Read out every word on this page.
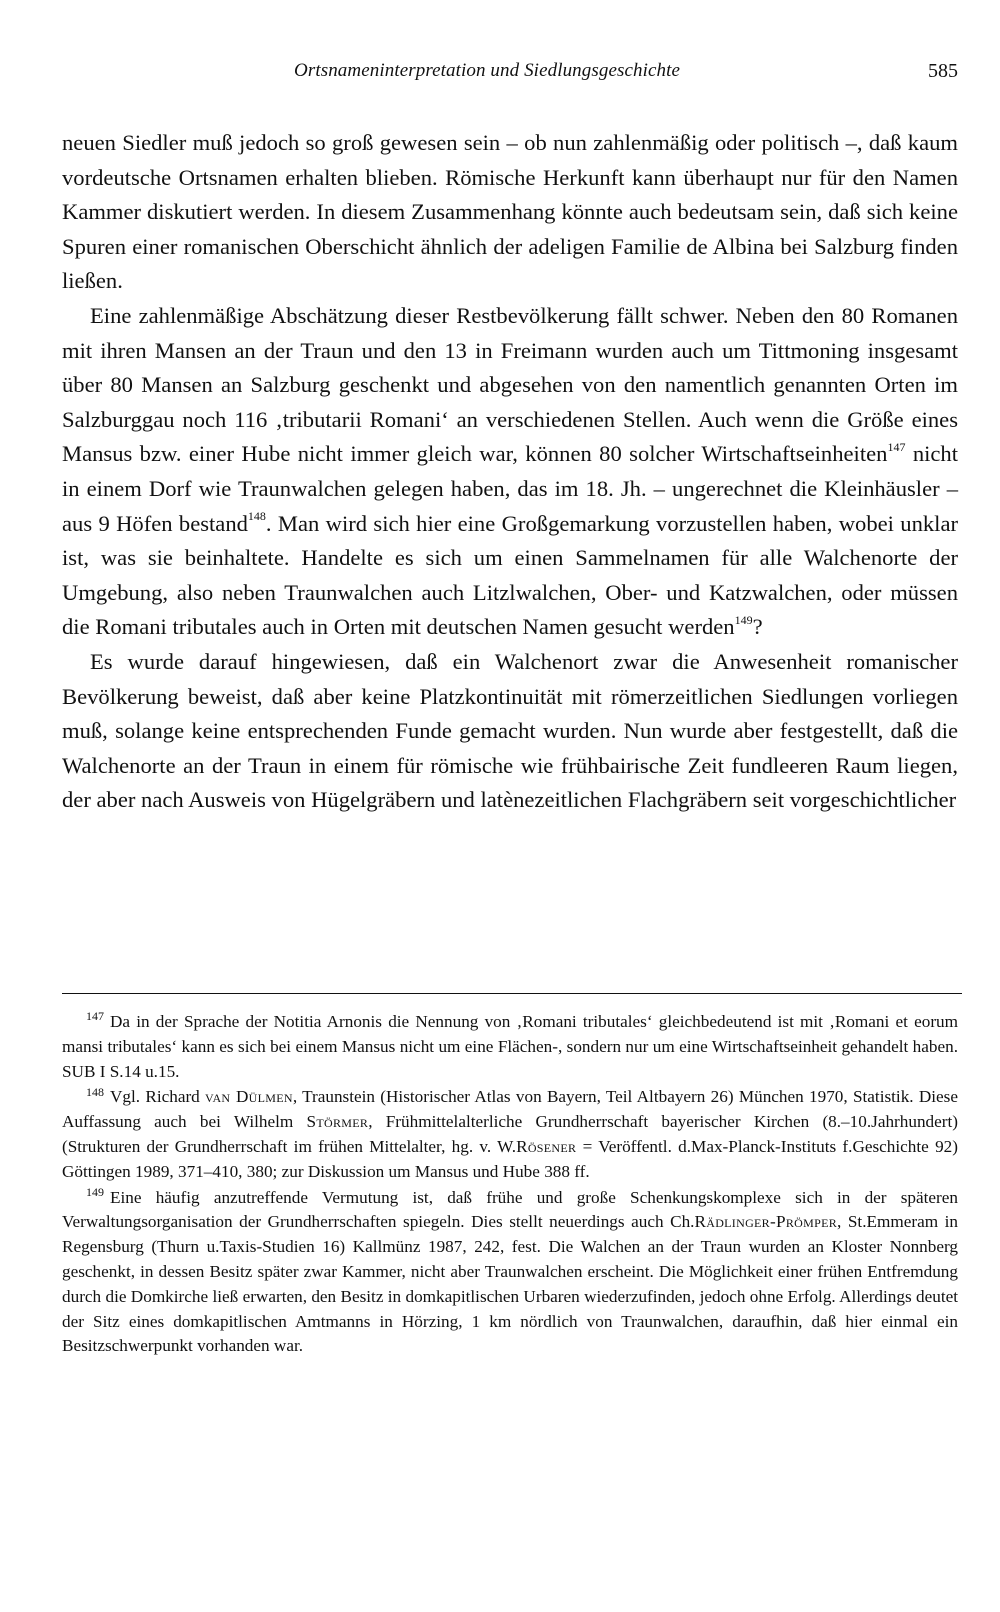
Ortsnameninterpretation und Siedlungsgeschichte	585

neuen Siedler muß jedoch so groß gewesen sein – ob nun zahlenmäßig oder politisch –, daß kaum vordeutsche Ortsnamen erhalten blieben. Römische Herkunft kann überhaupt nur für den Namen Kammer diskutiert werden. In diesem Zusammenhang könnte auch bedeutsam sein, daß sich keine Spuren einer romanischen Oberschicht ähnlich der adeligen Familie de Albina bei Salzburg finden ließen.

Eine zahlenmäßige Abschätzung dieser Restbevölkerung fällt schwer. Neben den 80 Romanen mit ihren Mansen an der Traun und den 13 in Freimann wurden auch um Tittmoning insgesamt über 80 Mansen an Salzburg geschenkt und abgesehen von den namentlich genannten Orten im Salzburggau noch 116 ‚tributarii Romani‘ an verschiedenen Stellen. Auch wenn die Größe eines Mansus bzw. einer Hube nicht immer gleich war, können 80 solcher Wirtschaftseinheiten$^{147}$ nicht in einem Dorf wie Traunwalchen gelegen haben, das im 18. Jh. – ungerechnet die Kleinhäusler – aus 9 Höfen bestand$^{148}$. Man wird sich hier eine Großgemarkung vorzustellen haben, wobei unklar ist, was sie beinhaltete. Handelte es sich um einen Sammelnamen für alle Walchenorte der Umgebung, also neben Traunwalchen auch Litzlwalchen, Ober- und Katzwalchen, oder müssen die Romani tributales auch in Orten mit deutschen Namen gesucht werden$^{149}$?

Es wurde darauf hingewiesen, daß ein Walchenort zwar die Anwesenheit romanischer Bevölkerung beweist, daß aber keine Platzkontinuität mit römerzeitlichen Siedlungen vorliegen muß, solange keine entsprechenden Funde gemacht wurden. Nun wurde aber festgestellt, daß die Walchenorte an der Traun in einem für römische wie frühbairische Zeit fundleeren Raum liegen, der aber nach Ausweis von Hügelgräbern und latènezeitlichen Flachgräbern seit vorgeschichtlicher

$^{147}$ Da in der Sprache der Notitia Arnonis die Nennung von ‚Romani tributales‘ gleichbedeutend ist mit ‚Romani et eorum mansi tributales‘ kann es sich bei einem Mansus nicht um eine Flächen-, sondern nur um eine Wirtschaftseinheit gehandelt haben. SUB I S.14 u.15.

$^{148}$ Vgl. Richard van Dülmen, Traunstein (Historischer Atlas von Bayern, Teil Altbayern 26) München 1970, Statistik. Diese Auffassung auch bei Wilhelm Störmer, Frühmittelalterliche Grundherrschaft bayerischer Kirchen (8.–10.Jahrhundert) (Strukturen der Grundherrschaft im frühen Mittelalter, hg. v. W.Rösener = Veröffentl. d.Max-Planck-Instituts f.Geschichte 92) Göttingen 1989, 371–410, 380; zur Diskussion um Mansus und Hube 388 ff.

$^{149}$ Eine häufig anzutreffende Vermutung ist, daß frühe und große Schenkungskomplexe sich in der späteren Verwaltungsorganisation der Grundherrschaften spiegeln. Dies stellt neuerdings auch Ch.Rädlinger-Prömper, St.Emmeram in Regensburg (Thurn u.Taxis-Studien 16) Kallmünz 1987, 242, fest. Die Walchen an der Traun wurden an Kloster Nonnberg geschenkt, in dessen Besitz später zwar Kammer, nicht aber Traunwalchen erscheint. Die Möglichkeit einer frühen Entfremdung durch die Domkirche ließ erwarten, den Besitz in domkapitlischen Urbaren wiederzufinden, jedoch ohne Erfolg. Allerdings deutet der Sitz eines domkapitlischen Amtmanns in Hörzing, 1 km nördlich von Traunwalchen, daraufhin, daß hier einmal ein Besitzschwerpunkt vorhanden war.
